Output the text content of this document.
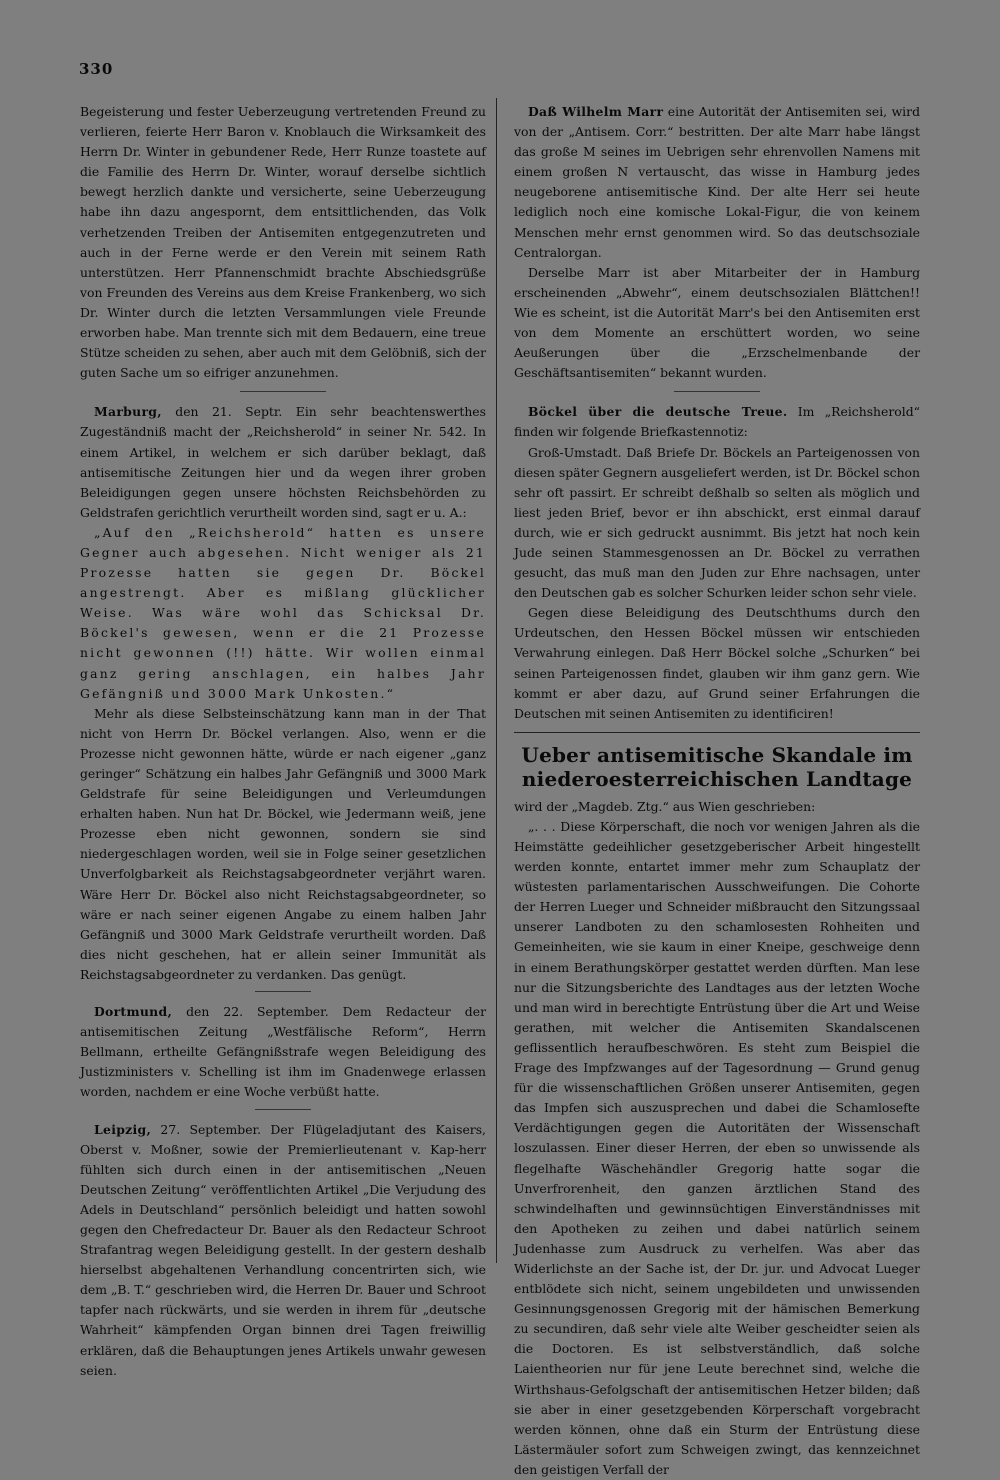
330

Begeisterung und fester Ueberzeugung vertretenden Freund zu verlieren, feierte Herr Baron v. Knoblauch die Wirksamkeit des Herrn Dr. Winter in gebundener Rede, Herr Runze toastete auf die Familie des Herrn Dr. Winter, worauf derselbe sichtlich bewegt herzlich dankte und versicherte, seine Ueberzeugung habe ihn dazu angespornt, dem entsittlichenden, das Volk verhetzenden Treiben der Antisemiten entgegenzutreten und auch in der Ferne werde er den Verein mit seinem Rath unterstützen. Herr Pfannenschmidt brachte Abschiedsgrüße von Freunden des Vereins aus dem Kreise Frankenberg, wo sich Dr. Winter durch die letzten Versammlungen viele Freunde erworben habe. Man trennte sich mit dem Bedauern, eine treue Stütze scheiden zu sehen, aber auch mit dem Gelöbniß, sich der guten Sache um so eifriger anzunehmen.

Marburg, den 21. Septr. Ein sehr beachtenswerthes Zugeständniß macht der „Reichsherold“ in seiner Nr. 542. In einem Artikel, in welchem er sich darüber beklagt, daß antisemitische Zeitungen hier und da wegen ihrer groben Beleidigungen gegen unsere höchsten Reichsbehörden zu Geldstrafen gerichtlich verurtheilt worden sind, sagt er u. A.:

„Auf den „Reichsherold“ hatten es unsere Gegner auch abgesehen. Nicht weniger als 21 Prozesse hatten sie gegen Dr. Böckel angestrengt. Aber es mißlang glücklicher Weise. Was wäre wohl das Schicksal Dr. Böckel's gewesen, wenn er die 21 Prozesse nicht gewonnen (!!) hätte. Wir wollen einmal ganz gering anschlagen, ein halbes Jahr Gefängniß und 3000 Mark Unkosten.“

Mehr als diese Selbsteinschätzung kann man in der That nicht von Herrn Dr. Böckel verlangen. Also, wenn er die Prozesse nicht gewonnen hätte, würde er nach eigener „ganz geringer“ Schätzung ein halbes Jahr Gefängniß und 3000 Mark Geldstrafe für seine Beleidigungen und Verleumdungen erhalten haben. Nun hat Dr. Böckel, wie Jedermann weiß, jene Prozesse eben nicht gewonnen, sondern sie sind niedergeschlagen worden, weil sie in Folge seiner gesetzlichen Unverfolgbarkeit als Reichstagsabgeordneter verjährt waren. Wäre Herr Dr. Böckel also nicht Reichstagsabgeordneter, so wäre er nach seiner eigenen Angabe zu einem halben Jahr Gefängniß und 3000 Mark Geldstrafe verurtheilt worden. Daß dies nicht geschehen, hat er allein seiner Immunität als Reichstagsabgeordneter zu verdanken. Das genügt.

Dortmund, den 22. September. Dem Redacteur der antisemitischen Zeitung „Westfälische Reform“, Herrn Bellmann, ertheilte Gefängnißstrafe wegen Beleidigung des Justizministers v. Schelling ist ihm im Gnadenwege erlassen worden, nachdem er eine Woche verbüßt hatte.

Leipzig, 27. September. Der Flügeladjutant des Kaisers, Oberst v. Moßner, sowie der Premierlieutenant v. Kap-herr fühlten sich durch einen in der antisemitischen „Neuen Deutschen Zeitung“ veröffentlichten Artikel „Die Verjudung des Adels in Deutschland“ persönlich beleidigt und hatten sowohl gegen den Chefredacteur Dr. Bauer als den Redacteur Schroot Strafantrag wegen Beleidigung gestellt. In der gestern deshalb hierselbst abgehaltenen Verhandlung concentrirten sich, wie dem „B. T.“ geschrieben wird, die Herren Dr. Bauer und Schroot tapfer nach rückwärts, und sie werden in ihrem für „deutsche Wahrheit“ kämpfenden Organ binnen drei Tagen freiwillig erklären, daß die Behauptungen jenes Artikels unwahr gewesen seien.

Daß Wilhelm Marr eine Autorität der Antisemiten sei, wird von der „Antisem. Corr.“ bestritten. Der alte Marr habe längst das große M seines im Uebrigen sehr ehrenvollen Namens mit einem großen N vertauscht, das wisse in Hamburg jedes neugeborene antisemitische Kind. Der alte Herr sei heute lediglich noch eine komische Lokal-Figur, die von keinem Menschen mehr ernst genommen wird. So das deutschsoziale Centralorgan.

Derselbe Marr ist aber Mitarbeiter der in Hamburg erscheinenden „Abwehr“, einem deutschsozialen Blättchen!! Wie es scheint, ist die Autorität Marr's bei den Antisemiten erst von dem Momente an erschüttert worden, wo seine Aeußerungen über die „Erzschelmenbande der Geschäftsantisemiten“ bekannt wurden.

Böckel über die deutsche Treue. Im „Reichsherold“ finden wir folgende Briefkastennotiz:

Groß-Umstadt. Daß Briefe Dr. Böckels an Parteigenossen von diesen später Gegnern ausgeliefert werden, ist Dr. Böckel schon sehr oft passirt. Er schreibt deßhalb so selten als möglich und liest jeden Brief, bevor er ihn abschickt, erst einmal darauf durch, wie er sich gedruckt ausnimmt. Bis jetzt hat noch kein Jude seinen Stammesgenossen an Dr. Böckel zu verrathen gesucht, das muß man den Juden zur Ehre nachsagen, unter den Deutschen gab es solcher Schurken leider schon sehr viele.

Gegen diese Beleidigung des Deutschthums durch den Urdeutschen, den Hessen Böckel müssen wir entschieden Verwahrung einlegen. Daß Herr Böckel solche „Schurken“ bei seinen Parteigenossen findet, glauben wir ihm ganz gern. Wie kommt er aber dazu, auf Grund seiner Erfahrungen die Deutschen mit seinen Antisemiten zu identificiren!

Ueber antisemitische Skandale im niederoesterreichischen Landtage

wird der „Magdeb. Ztg.“ aus Wien geschrieben:

„. . . Diese Körperschaft, die noch vor wenigen Jahren als die Heimstätte gedeihlicher gesetzgeberischer Arbeit hingestellt werden konnte, entartet immer mehr zum Schauplatz der wüstesten parlamentarischen Ausschweifungen. Die Cohorte der Herren Lueger und Schneider mißbraucht den Sitzungssaal unserer Landboten zu den schamlosesten Rohheiten und Gemeinheiten, wie sie kaum in einer Kneipe, geschweige denn in einem Berathungskörper gestattet werden dürften. Man lese nur die Sitzungsberichte des Landtages aus der letzten Woche und man wird in berechtigte Entrüstung über die Art und Weise gerathen, mit welcher die Antisemiten Skandalscenen geflissentlich heraufbeschwören. Es steht zum Beispiel die Frage des Impfzwanges auf der Tagesordnung — Grund genug für die wissenschaftlichen Größen unserer Antisemiten, gegen das Impfen sich auszusprechen und dabei die Schamlosefte Verdächtigungen gegen die Autoritäten der Wissenschaft loszulassen. Einer dieser Herren, der eben so unwissende als flegelhafte Wäschehändler Gregorig hatte sogar die Unverfrorenheit, den ganzen ärztlichen Stand des schwindelhaften und gewinnsüchtigen Einverständnisses mit den Apotheken zu zeihen und dabei natürlich seinem Judenhasse zum Ausdruck zu verhelfen. Was aber das Widerlichste an der Sache ist, der Dr. jur. und Advocat Lueger entblödete sich nicht, seinem ungebildeten und unwissenden Gesinnungsgenossen Gregorig mit der hämischen Bemerkung zu secundiren, daß sehr viele alte Weiber gescheidter seien als die Doctoren. Es ist selbstverständlich, daß solche Laientheorien nur für jene Leute berechnet sind, welche die Wirthshaus-Gefolgschaft der antisemitischen Hetzer bilden; daß sie aber in einer gesetzgebenden Körperschaft vorgebracht werden können, ohne daß ein Sturm der Entrüstung diese Lästermäuler sofort zum Schweigen zwingt, das kennzeichnet den geistigen Verfall der
